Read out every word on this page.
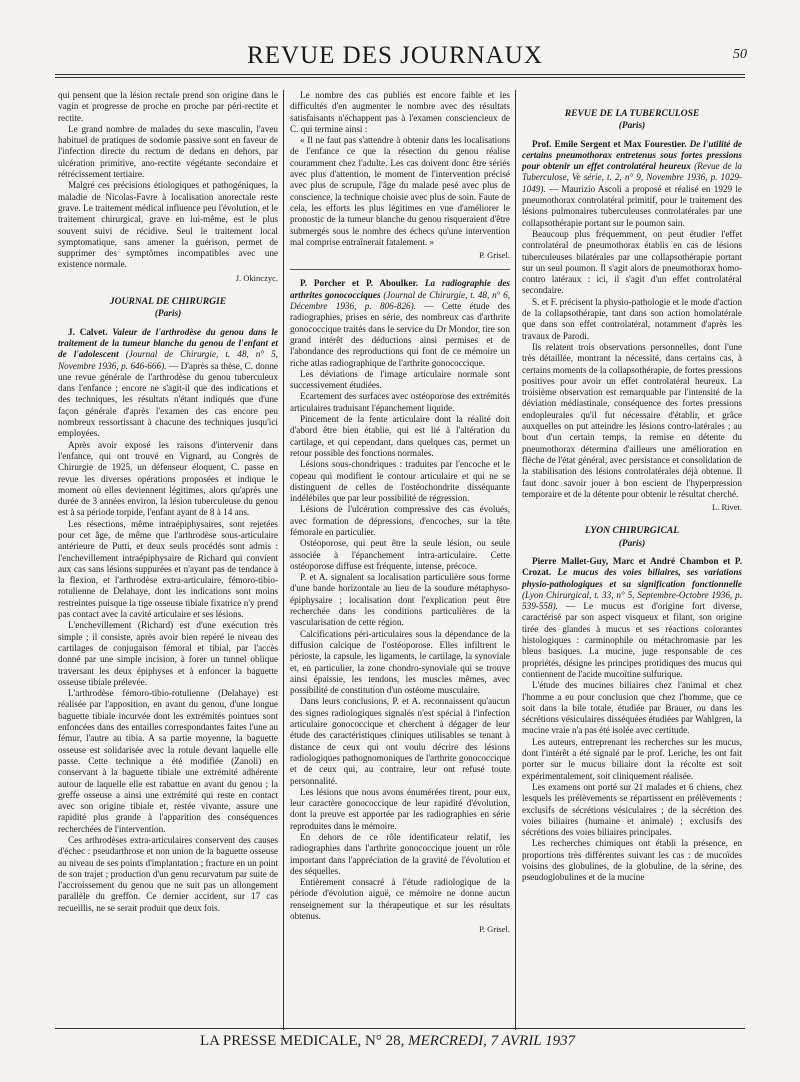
REVUE DES JOURNAUX	50

qui pensent que la lésion rectale prend son origine dans le vagin et progresse de proche en proche par péri-rectite et rectite.

Le grand nombre de malades du sexe masculin, l'aveu habituel de pratiques de sodomie passive sont en faveur de l'infection directe du rectum de dedans en dehors, par ulcération primitive, ano-rectite végétante secondaire et rétrécissement tertiaire.

Malgré ces précisions étiologiques et pathogéniques, la maladie de Nicolas-Favre à localisation anorectale reste grave. Le traitement médical influence peu l'évolution, et le traitement chirurgical, grave en lui-même, est le plus souvent suivi de récidive. Seul le traitement local symptomatique, sans amener la guérison, permet de supprimer des symptômes incompatibles avec une existence normale.

J. Okinczyc.
JOURNAL DE CHIRURGIE
(Paris)

J. Calvet. Valeur de l'arthrodèse du genou dans le traitement de la tumeur blanche du genou de l'enfant et de l'adolescent (Journal de Chirurgie, t. 48, n° 5, Novembre 1936, p. 646-666). — D'après sa thèse, C. donne une revue générale de l'arthrodèse du genou tuberculeux dans l'enfance ; encore ne s'agit-il que des indications et des techniques, les résultats n'étant indiqués que d'une façon générale d'après l'examen des cas encore peu nombreux ressortissant à chacune des techniques jusqu'ici employées.

Après avoir exposé les raisons d'intervenir dans l'enfance, qui ont trouvé en Vignard, au Congrès de Chirurgie de 1925, un défenseur éloquent, C. passe en revue les diverses opérations proposées et indique le moment où elles deviennent légitimes, alors qu'après une durée de 3 années environ, la lésion tuberculeuse du genou est à sa période torpide, l'enfant ayant de 8 à 14 ans.

Les résections, même intraépiphysaires, sont rejetées pour cet âge, de même que l'arthrodèse sous-articulaire antérieure de Putti, et deux seuls procédés sont admis : l'enchevillement intraépiphysaire de Richard qui convient aux cas sans lésions suppurées et n'ayant pas de tendance à la flexion, et l'arthrodèse extra-articulaire, fémoro-tibio-rotulienne de Delahaye, dont les indications sont moins restreintes puisque la tige osseuse tibiale fixatrice n'y prend pas contact avec la cavité articulaire et ses lésions.

L'enchevillement (Richard) est d'une exécution très simple ; il consiste, après avoir bien repéré le niveau des cartilages de conjugaison fémoral et tibial, par l'accès donné par une simple incision, à forer un tunnel oblique traversant les deux épiphyses et à enfoncer la baguette osseuse tibiale prélevée.

L'arthrodèse fémoro-tibio-rotulienne (Delahaye) est réalisée par l'apposition, en avant du genou, d'une longue baguette tibiale incurvée dont les extrémités pointues sont enfoncées dans des entailles correspondantes faites l'une au fémur, l'autre au tibia. A sa partie moyenne, la baguette osseuse est solidarisée avec la rotule devant laquelle elle passe. Cette technique a été modifiée (Zanoli) en conservant à la baguette tibiale une extrémité adhérente autour de laquelle elle est rabattue en avant du genou ; la greffe osseuse a ainsi une extrémité qui reste en contact avec son origine tibiale et, restée vivante, assure une rapidité plus grande à l'apparition des conséquences recherchées de l'intervention.

Ces arthrodèses extra-articulaires conservent des causes d'échec : pseudarthrose et non union de la baguette osseuse au niveau de ses points d'implantation ; fracture en un point de son trajet ; production d'un genu recurvatum par suite de l'accroissement du genou que ne suit pas un allongement parallèle du greffon. Ce dernier accident, sur 17 cas recueillis, ne se serait produit que deux fois.

Le nombre des cas publiés est encore faible et les difficultés d'en augmenter le nombre avec des résultats satisfaisants n'échappent pas à l'examen consciencieux de C. qui termine ainsi :

« Il ne faut pas s'attendre à obtenir dans les localisations de l'enfance ce que la résection du genou réalise couramment chez l'adulte. Les cas doivent donc être sériés avec plus d'attention, le moment de l'intervention précisé avec plus de scrupule, l'âge du malade pesé avec plus de conscience, la technique choisie avec plus de soin. Faute de cela, les efforts les plus légitimes en vue d'améliorer le pronostic de la tumeur blanche du genou risqueraient d'être submergés sous le nombre des échecs qu'une intervention mal comprise entraînerait fatalement. »

P. Grisel.

P. Porcher et P. Aboulker. La radiographie des arthrites gonococciques (Journal de Chirurgie, t. 48, n° 6, Décembre 1936, p. 806-826). — Cette étude des radiographies, prises en série, des nombreux cas d'arthrite gonococcique traités dans le service du Dr Mondor, tire son grand intérêt des déductions ainsi permises et de l'abondance des reproductions qui font de ce mémoire un riche atlas radiographique de l'arthrite gonococcique.

Les déviations de l'image articulaire normale sont successivement étudiées.

Ecartement des surfaces avec ostéoporose des extrémités articulaires traduisant l'épanchement liquide.

Pincement de la fente articulaire dont la réalité doit d'abord être bien établie, qui est lié à l'altération du cartilage, et qui cependant, dans quelques cas, permet un retour possible des fonctions normales.

Lésions sous-chondriques : traduites par l'encoche et le copeau qui modifient le contour articulaire et qui ne se distinguent de celles de l'ostéochondrite disséquante indélébiles que par leur possibilité de régression.

Lésions de l'ulcération compressive des cas évolués, avec formation de dépressions, d'encoches, sur la tête fémorale en particulier.

Ostéoporose, qui peut être la seule lésion, ou seule associée à l'épanchement intra-articulaire. Cette ostéoporose diffuse est fréquente, intense, précoce.

P. et A. signalent sa localisation particulière sous forme d'une bande horizontale au lieu de la soudure métaphyso-épiphysaire ; localisation dont l'explication peut être recherchée dans les conditions particulières de la vascularisation de cette région.

Calcifications péri-articulaires sous la dépendance de la diffusion calcique de l'ostéoporose. Elles infiltrent le périoste, la capsule, les ligaments, le cartilage, la synoviale et, en particulier, la zone chondro-synoviale qui se trouve ainsi épaissie, les tendons, les muscles mêmes, avec possibilité de constitution d'un ostéome musculaire.

Dans leurs conclusions, P. et A. reconnaissent qu'aucun des signes radiologiques signalés n'est spécial à l'infection articulaire gonococcique et cherchent à dégager de leur étude des caractéristiques cliniques utilisables se tenant à distance de ceux qui ont voulu décrire des lésions radiologiques pathognomoniques de l'arthrite gonococcique et de ceux qui, au contraire, leur ont refusé toute personnalité.

Les lésions que nous avons énumérées tirent, pour eux, leur caractère gonococcique de leur rapidité d'évolution, dont la preuve est apportée par les radiographies en série reproduites dans le mémoire.

En dehors de ce rôle identificateur relatif, les radiographies dans l'arthrite gonococcique jouent un rôle important dans l'appréciation de la gravité de l'évolution et des séquelles.

Entièrement consacré à l'étude radiologique de la période d'évolution aiguë, ce mémoire ne donne aucun renseignement sur la thérapeutique et sur les résultats obtenus.

P. Grisel.
REVUE DE LA TUBERCULOSE
(Paris)

Prof. Emile Sergent et Max Fourestier. De l'utilité de certains pneumothorax entretenus sous fortes pressions pour obtenir un effet controlatéral heureux (Revue de la Tuberculose, Ve série, t. 2, n° 9, Novembre 1936, p. 1029-1049). — Maurizio Ascoli a proposé et réalisé en 1929 le pneumothorax controlatéral primitif, pour le traitement des lésions pulmonaires tuberculeuses controlatérales par une collapsothérapie portant sur le poumon sain.

Beaucoup plus fréquemment, on peut étudier l'effet controlatéral de pneumothorax établis en cas de lésions tuberculeuses bilatérales par une collapsothérapie portant sur un seul poumon. Il s'agit alors de pneumothorax homo-contro latéraux : ici, il s'agit d'un effet controlatéral secondaire.

S. et F. précisent la physio-pathologie et le mode d'action de la collapsothérapie, tant dans son action homolatérale que dans son effet controlatéral, notamment d'après les travaux de Parodi.

Ils relatent trois observations personnelles, dont l'une très détaillée, montrant la nécessité, dans certains cas, à certains moments de la collapsothérapie, de fortes pressions positives pour avoir un effet controlatéral heureux. La troisième observation est remarquable par l'intensité de la déviation médiastinale, conséquence des fortes pressions endopleurales qu'il fut nécessaire d'établir, et grâce auxquelles on put atteindre les lésions contro-latérales ; au bout d'un certain temps, la remise en détente du pneumothorax détermina d'ailleurs une amélioration en flèche de l'état général, avec persistance et consolidation de la stabilisation des lésions controlatérales déjà obtenue. Il faut donc savoir jouer à bon escient de l'hyperpression temporaire et de la détente pour obtenir le résultat cherché.

L. Rivet.
LYON CHIRURGICAL
(Paris)

Pierre Mallet-Guy, Marc et André Chambon et P. Crozat. Le mucus des voies biliaires, ses variations physio-pathologiques et sa signification fonctionnelle (Lyon Chirurgical, t. 33, n° 5, Septembre-Octobre 1936, p. 539-558). — Le mucus est d'origine fort diverse, caractérisé par son aspect visqueux et filant, son origine tirée des glandes à mucus et ses réactions colorantes histologiques : carminophile ou métachromasie par les bleus basiques. La mucine, juge responsable de ces propriétés, désigne les principes protidiques des mucus qui contiennent de l'acide mucoïtine sulfurique.

L'étude des mucines biliaires chez l'animal et chez l'homme a eu pour conclusion que chez l'homme, que ce soit dans la bile totale, étudiée par Brauer, ou dans les sécrétions vésiculaires disséquées étudiées par Wahlgren, la mucine vraie n'a pas été isolée avec certitude.

Les auteurs, entreprenant les recherches sur les mucus, dont l'intérêt a été signalé par le prof. Leriche, les ont fait porter sur le mucus biliaire dont la récolte est soit expérimentalement, soit cliniquement réalisée.

Les examens ont porté sur 21 malades et 6 chiens, chez lesquels les prélèvements se répartissent en prélèvements : exclusifs de sécrétions vésiculaires ; de la sécrétion des voies biliaires (humaine et animale) ; exclusifs des sécrétions des voies biliaires principales.

Les recherches chimiques ont établi la présence, en proportions très différentes suivant les cas : de mucoïdes voisins des globulines, de la globuline, de la sérine, des pseudoglobulines et de la mucine

LA PRESSE MEDICALE, N° 28, MERCREDI, 7 AVRIL 1937
